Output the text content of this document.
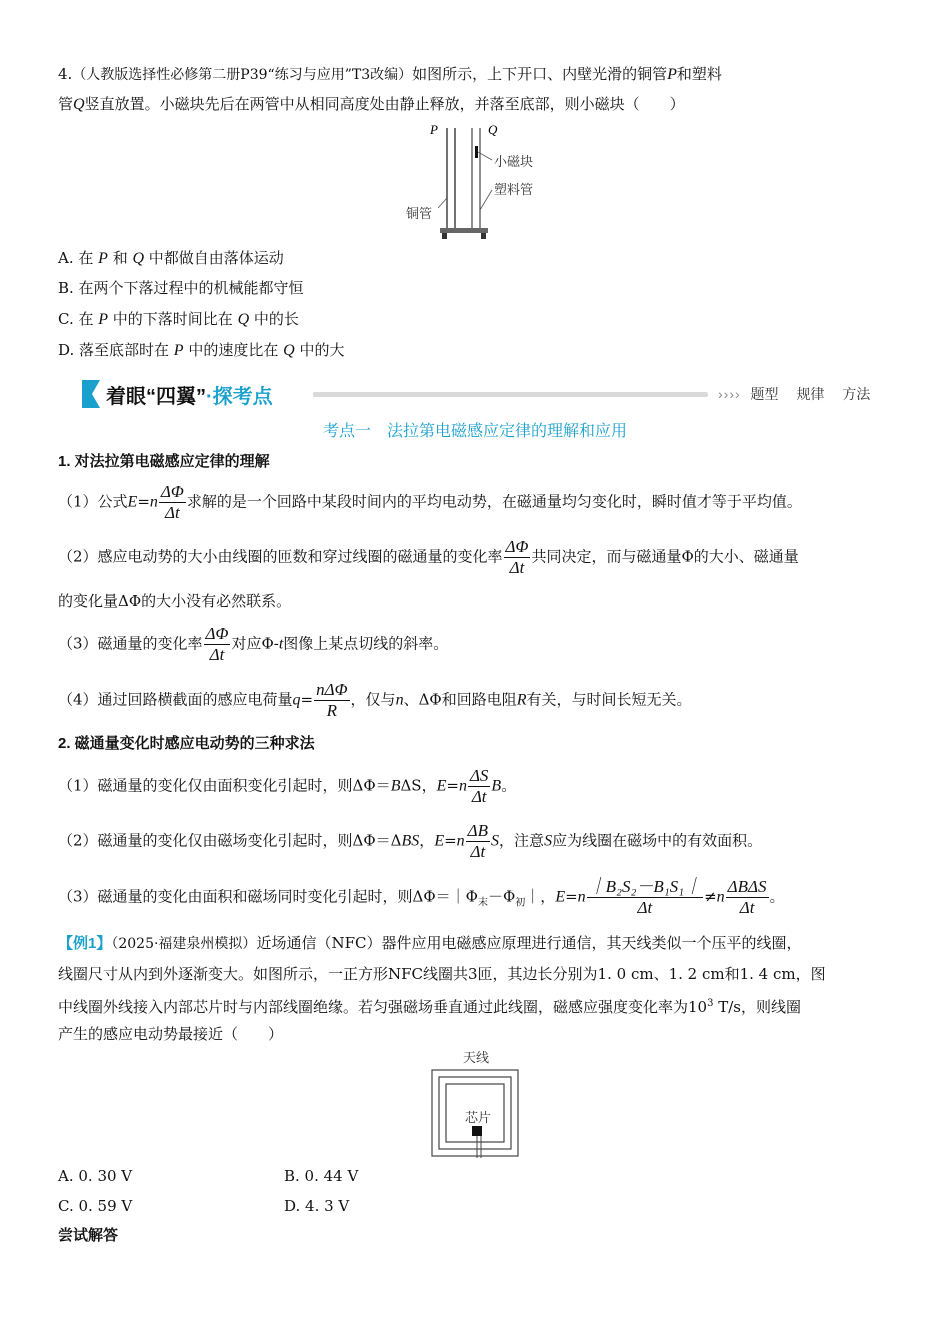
4.（人教版选择性必修第二册P39“练习与应用”T3改编）如图所示，上下开口、内壁光滑的铜管P和塑料
管Q竖直放置。小磁块先后在两管中从相同高度处由静止释放，并落至底部，则小磁块（　　）
P	Q
小磁块
塑料管
铜管
A. 在 P 和 Q 中都做自由落体运动
B. 在两个下落过程中的机械能都守恒
C. 在 P 中的下落时间比在 Q 中的长
D. 落至底部时在 P 中的速度比在 Q 中的大
着眼“四翼”·探考点	›››› 题型 规律 方法
考点一　法拉第电磁感应定律的理解和应用
1. 对法拉第电磁感应定律的理解
（1）公式$E=n \frac{\Delta\Phi}{\Delta t}$ 求解的是一个回路中某段时间内的平均电动势，在磁通量均匀变化时，瞬时值才等于平均值。
（2）感应电动势的大小由线圈的匝数和穿过线圈的磁通量的变化率 $\frac{\Delta\Phi}{\Delta t}$ 共同决定，而与磁通量Φ的大小、磁通量
的变化量ΔΦ的大小没有必然联系。
（3）磁通量的变化率 $\frac{\Delta\Phi}{\Delta t}$ 对应Φ-t图像上某点切线的斜率。
（4）通过回路横截面的感应电荷量$q= \frac{\text{nΔΦ}}{R}$ ，仅与n、ΔΦ和回路电阻R有关，与时间长短无关。
2. 磁通量变化时感应电动势的三种求法
（1）磁通量的变化仅由面积变化引起时，则ΔΦ＝BΔS，$E=n \frac{\Delta S}{\Delta t}$ B。
（2）磁通量的变化仅由磁场变化引起时，则ΔΦ＝ΔBS，$E=n \frac{\Delta B}{\Delta t}$ S，注意S应为线圈在磁场中的有效面积。
（3）磁通量的变化由面积和磁场同时变化引起时，则$\Delta\Phi=|\Phi_末-\Phi_初|$，$E=n \frac{\text{｜B₂S₂－B₁S₁｜}}{\Delta t} \ne n \frac{\text{ΔBΔS}}{\Delta t}$ 。
【例1】（2025·福建泉州模拟）近场通信（NFC）器件应用电磁感应原理进行通信，其天线类似一个压平的线圈，
线圈尺寸从内到外逐渐变大。如图所示，一正方形NFC线圈共3匝，其边长分别为1. 0 cm、1. 2 cm和1. 4 cm，图
中线圈外线接入内部芯片时与内部线圈绝缘。若匀强磁场垂直通过此线圈，磁感应强度变化率为$10^3$ T/s，则线圈
产生的感应电动势最接近（　　）
天线
芯片
A. 0. 30 V	B. 0. 44 V
C. 0. 59 V	D. 4. 3 V
尝试解答
